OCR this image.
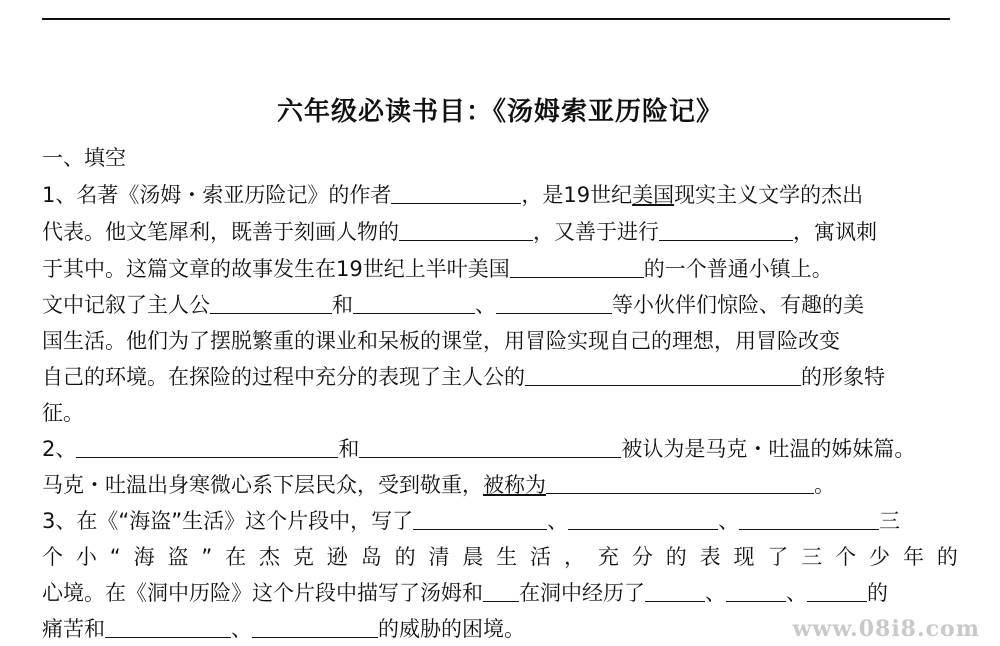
六年级必读书目：《汤姆索亚历险记》
一、填空
1、名著《汤姆・索亚历险记》的作者	，是19世纪美国现实主义文学的杰出
代表。他文笔犀利，既善于刻画人物的	，又善于进行	，寓讽刺
于其中。这篇文章的故事发生在19世纪上半叶美国	的一个普通小镇上。
文中记叙了主人公	和	、	等小伙伴们惊险、有趣的美
国生活。他们为了摆脱繁重的课业和呆板的课堂，用冒险实现自己的理想，用冒险改变
自己的环境。在探险的过程中充分的表现了主人公的	的形象特
征。
2、	和	被认为是马克・吐温的姊妹篇。
马克・吐温出身寒微心系下层民众，受到敬重，被称为	。
3、在《“海盗”生活》这个片段中，写了	、	、	三
个 小 “ 海 盗 ” 在 杰 克 逊 岛 的 清 晨 生 活 ， 充 分 的 表 现 了 三 个 少 年 的
心境。在《洞中历险》这个片段中描写了汤姆和 在洞中经历了	、	、	的
痛苦和	、	的威胁的困境。	www.08i8.com
